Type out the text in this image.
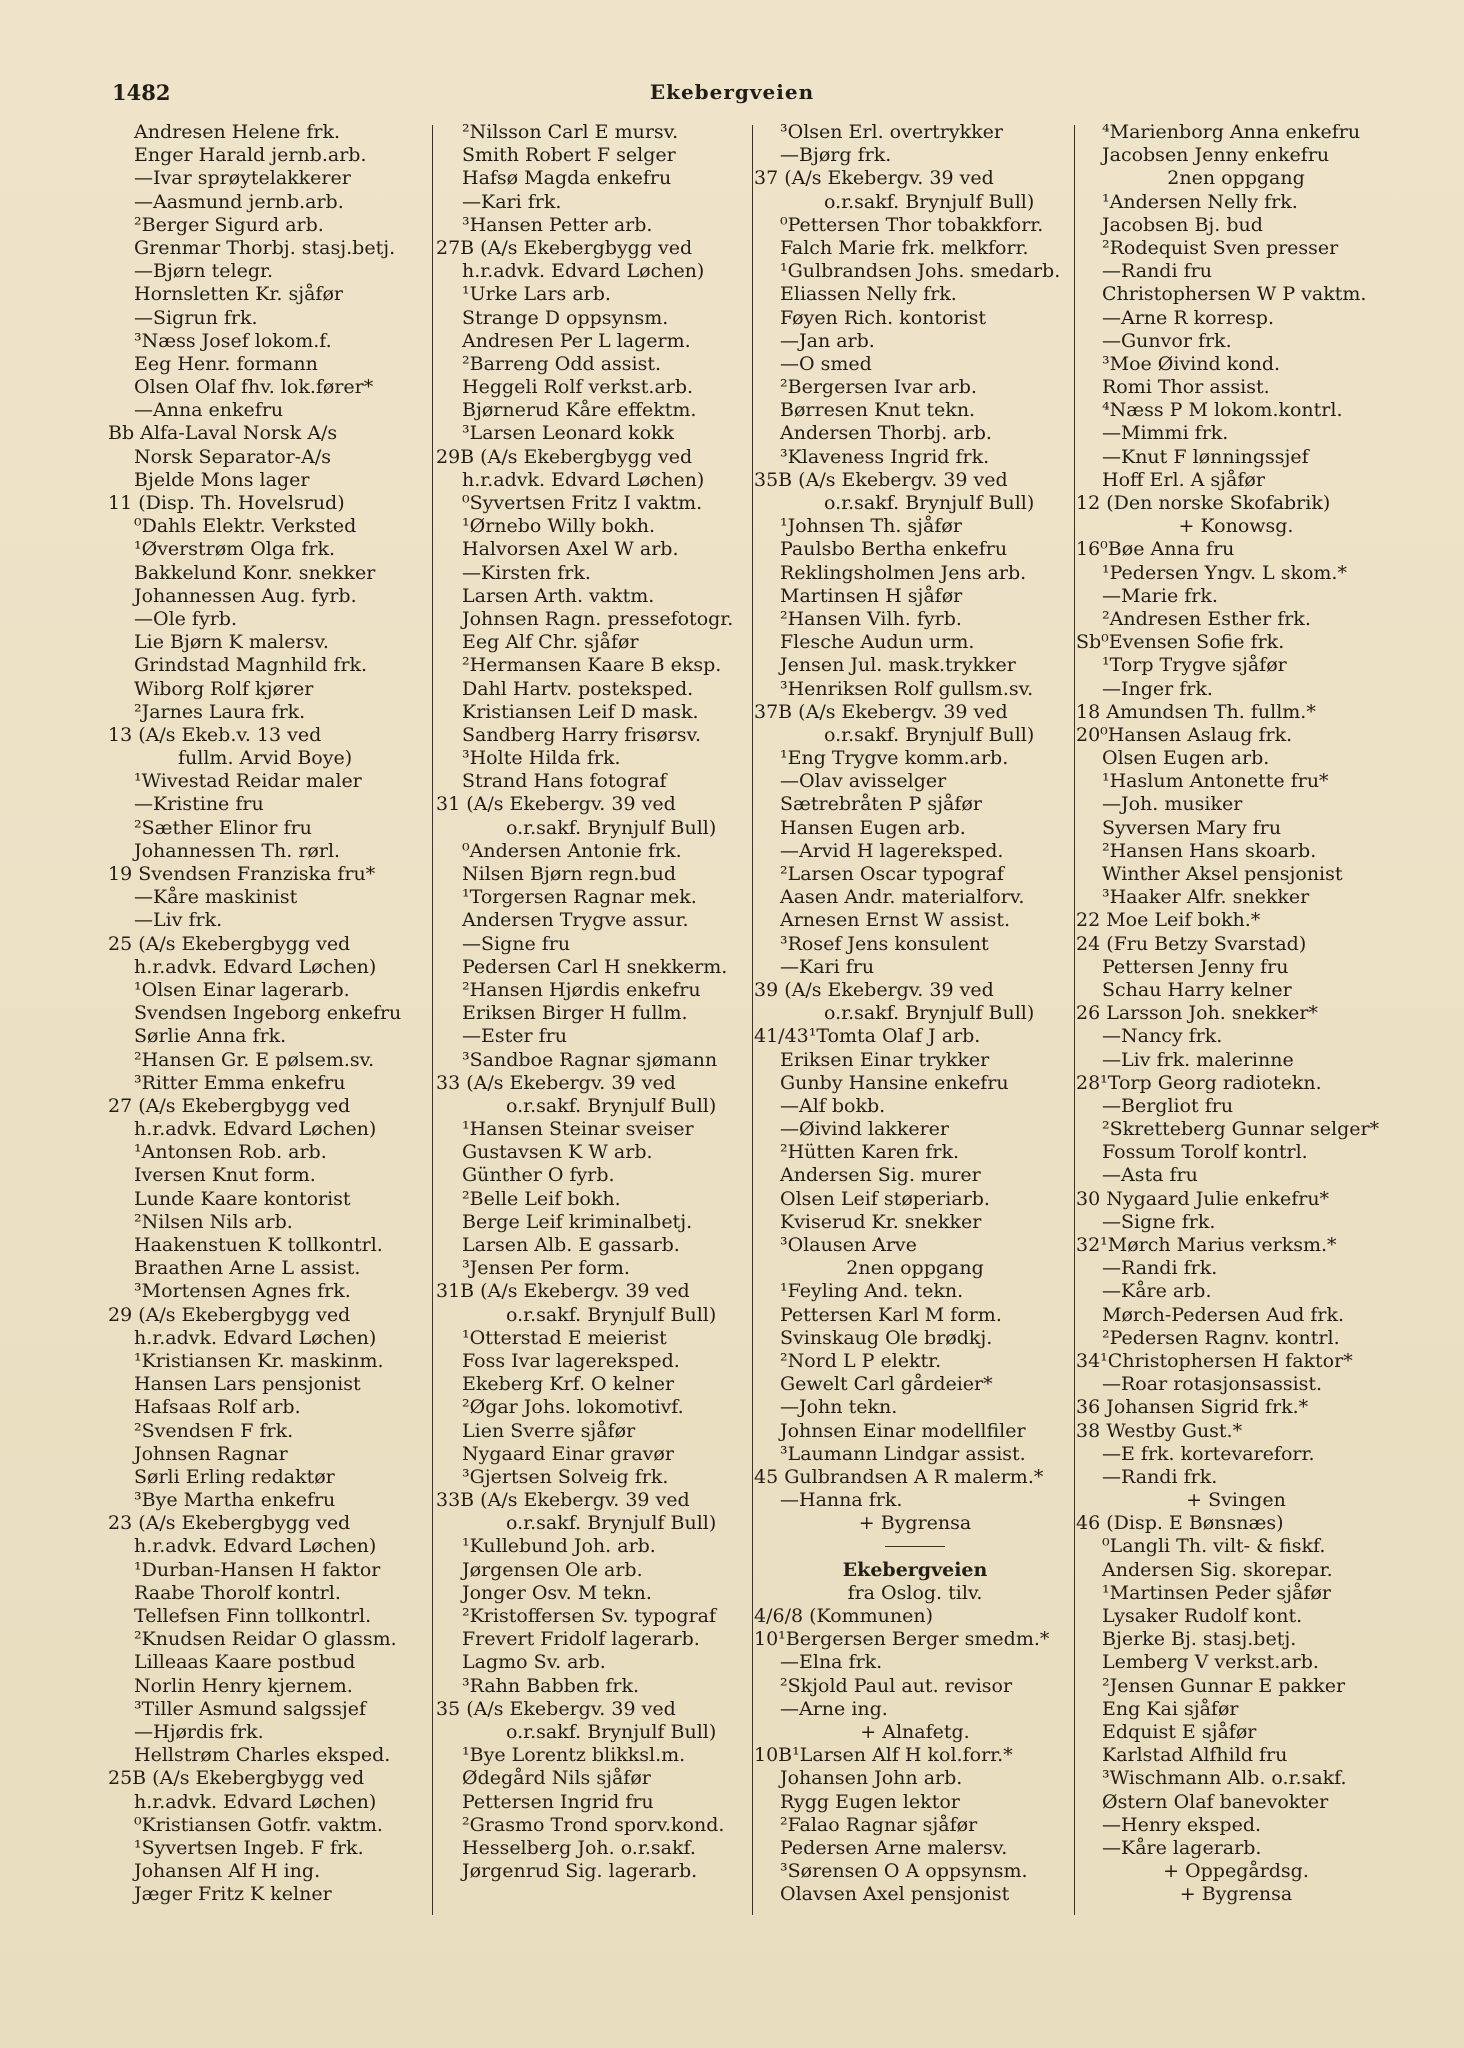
1482	Ekebergveien
Andresen Helene frk.
Enger Harald jernb.arb.
—Ivar sprøytelakkerer
—Aasmund jernb.arb.
²Berger Sigurd arb.
Grenmar Thorbj. stasj.betj.
—Bjørn telegr.
Hornsletten Kr. sjåfør
—Sigrun frk.
³Næss Josef lokom.f.
Eeg Henr. formann
Olsen Olaf fhv. lok.fører*
—Anna enkefru
Bb Alfa-Laval Norsk A/s
Norsk Separator-A/s
Bjelde Mons lager
11 (Disp. Th. Hovelsrud)
⁰Dahls Elektr. Verksted
¹Øverstrøm Olga frk.
Bakkelund Konr. snekker
Johannessen Aug. fyrb.
—Ole fyrb.
Lie Bjørn K malersv.
Grindstad Magnhild frk.
Wiborg Rolf kjører
²Jarnes Laura frk.
13 (A/s Ekeb.v. 13 ved
fullm. Arvid Boye)
¹Wivestad Reidar maler
—Kristine fru
²Sæther Elinor fru
Johannessen Th. rørl.
19 Svendsen Franziska fru*
—Kåre maskinist
—Liv frk.
25 (A/s Ekebergbygg ved
h.r.advk. Edvard Løchen)
¹Olsen Einar lagerarb.
Svendsen Ingeborg enkefru
Sørlie Anna frk.
²Hansen Gr. E pølsem.sv.
³Ritter Emma enkefru
27 (A/s Ekebergbygg ved
h.r.advk. Edvard Løchen)
¹Antonsen Rob. arb.
Iversen Knut form.
Lunde Kaare kontorist
²Nilsen Nils arb.
Haakenstuen K tollkontrl.
Braathen Arne L assist.
³Mortensen Agnes frk.
29 (A/s Ekebergbygg ved
h.r.advk. Edvard Løchen)
¹Kristiansen Kr. maskinm.
Hansen Lars pensjonist
Hafsaas Rolf arb.
²Svendsen F frk.
Johnsen Ragnar
Sørli Erling redaktør
³Bye Martha enkefru
23 (A/s Ekebergbygg ved
h.r.advk. Edvard Løchen)
¹Durban-Hansen H faktor
Raabe Thorolf kontrl.
Tellefsen Finn tollkontrl.
²Knudsen Reidar O glassm.
Lilleaas Kaare postbud
Norlin Henry kjernem.
³Tiller Asmund salgssjef
—Hjørdis frk.
Hellstrøm Charles eksped.
25B (A/s Ekebergbygg ved
h.r.advk. Edvard Løchen)
⁰Kristiansen Gotfr. vaktm.
¹Syvertsen Ingeb. F frk.
Johansen Alf H ing.
Jæger Fritz K kelner
²Nilsson Carl E mursv.
Smith Robert F selger
Hafsø Magda enkefru
—Kari frk.
³Hansen Petter arb.
27B (A/s Ekebergbygg ved
h.r.advk. Edvard Løchen)
¹Urke Lars arb.
Strange D oppsynsm.
Andresen Per L lagerm.
²Barreng Odd assist.
Heggeli Rolf verkst.arb.
Bjørnerud Kåre effektm.
³Larsen Leonard kokk
29B (A/s Ekebergbygg ved
h.r.advk. Edvard Løchen)
⁰Syvertsen Fritz I vaktm.
¹Ørnebo Willy bokh.
Halvorsen Axel W arb.
—Kirsten frk.
Larsen Arth. vaktm.
Johnsen Ragn. pressefotogr.
Eeg Alf Chr. sjåfør
²Hermansen Kaare B eksp.
Dahl Hartv. posteksped.
Kristiansen Leif D mask.
Sandberg Harry frisørsv.
³Holte Hilda frk.
Strand Hans fotograf
31 (A/s Ekebergv. 39 ved
o.r.sakf. Brynjulf Bull)
⁰Andersen Antonie frk.
Nilsen Bjørn regn.bud
¹Torgersen Ragnar mek.
Andersen Trygve assur.
—Signe fru
Pedersen Carl H snekkerm.
²Hansen Hjørdis enkefru
Eriksen Birger H fullm.
—Ester fru
³Sandboe Ragnar sjømann
33 (A/s Ekebergv. 39 ved
o.r.sakf. Brynjulf Bull)
¹Hansen Steinar sveiser
Gustavsen K W arb.
Günther O fyrb.
²Belle Leif bokh.
Berge Leif kriminalbetj.
Larsen Alb. E gassarb.
³Jensen Per form.
31B (A/s Ekebergv. 39 ved
o.r.sakf. Brynjulf Bull)
¹Otterstad E meierist
Foss Ivar lagereksped.
Ekeberg Krf. O kelner
²Øgar Johs. lokomotivf.
Lien Sverre sjåfør
Nygaard Einar gravør
³Gjertsen Solveig frk.
33B (A/s Ekebergv. 39 ved
o.r.sakf. Brynjulf Bull)
¹Kullebund Joh. arb.
Jørgensen Ole arb.
Jonger Osv. M tekn.
²Kristoffersen Sv. typograf
Frevert Fridolf lagerarb.
Lagmo Sv. arb.
³Rahn Babben frk.
35 (A/s Ekebergv. 39 ved
o.r.sakf. Brynjulf Bull)
¹Bye Lorentz blikksl.m.
Ødegård Nils sjåfør
Pettersen Ingrid fru
²Grasmo Trond sporv.kond.
Hesselberg Joh. o.r.sakf.
Jørgenrud Sig. lagerarb.
³Olsen Erl. overtrykker
—Bjørg frk.
37 (A/s Ekebergv. 39 ved
o.r.sakf. Brynjulf Bull)
⁰Pettersen Thor tobakkforr.
Falch Marie frk. melkforr.
¹Gulbrandsen Johs. smedarb.
Eliassen Nelly frk.
Føyen Rich. kontorist
—Jan arb.
—O smed
²Bergersen Ivar arb.
Børresen Knut tekn.
Andersen Thorbj. arb.
³Klaveness Ingrid frk.
35B (A/s Ekebergv. 39 ved
o.r.sakf. Brynjulf Bull)
¹Johnsen Th. sjåfør
Paulsbo Bertha enkefru
Reklingsholmen Jens arb.
Martinsen H sjåfør
²Hansen Vilh. fyrb.
Flesche Audun urm.
Jensen Jul. mask.trykker
³Henriksen Rolf gullsm.sv.
37B (A/s Ekebergv. 39 ved
o.r.sakf. Brynjulf Bull)
¹Eng Trygve komm.arb.
—Olav avisselger
Sætrebråten P sjåfør
Hansen Eugen arb.
—Arvid H lagereksped.
²Larsen Oscar typograf
Aasen Andr. materialforv.
Arnesen Ernst W assist.
³Rosef Jens konsulent
—Kari fru
39 (A/s Ekebergv. 39 ved
o.r.sakf. Brynjulf Bull)
41/43¹Tomta Olaf J arb.
Eriksen Einar trykker
Gunby Hansine enkefru
—Alf bokb.
—Øivind lakkerer
²Hütten Karen frk.
Andersen Sig. murer
Olsen Leif støperiarb.
Kviserud Kr. snekker
³Olausen Arve
2nen oppgang
¹Feyling And. tekn.
Pettersen Karl M form.
Svinskaug Ole brødkj.
²Nord L P elektr.
Gewelt Carl gårdeier*
—John tekn.
Johnsen Einar modellfiler
³Laumann Lindgar assist.
45 Gulbrandsen A R malerm.*
—Hanna frk.
+ Bygrensa
Ekebergveien
fra Oslog. tilv.
4/6/8 (Kommunen)
10¹Bergersen Berger smedm.*
—Elna frk.
²Skjold Paul aut. revisor
—Arne ing.
+ Alnafetg.
10B¹Larsen Alf H kol.forr.*
Johansen John arb.
Rygg Eugen lektor
²Falao Ragnar sjåfør
Pedersen Arne malersv.
³Sørensen O A oppsynsm.
Olavsen Axel pensjonist
⁴Marienborg Anna enkefru
Jacobsen Jenny enkefru
2nen oppgang
¹Andersen Nelly frk.
Jacobsen Bj. bud
²Rodequist Sven presser
—Randi fru
Christophersen W P vaktm.
—Arne R korresp.
—Gunvor frk.
³Moe Øivind kond.
Romi Thor assist.
⁴Næss P M lokom.kontrl.
—Mimmi frk.
—Knut F lønningssjef
Hoff Erl. A sjåfør
12 (Den norske Skofabrik)
+ Konowsg.
16⁰Bøe Anna fru
¹Pedersen Yngv. L skom.*
—Marie frk.
²Andresen Esther frk.
Sb⁰Evensen Sofie frk.
¹Torp Trygve sjåfør
—Inger frk.
18 Amundsen Th. fullm.*
20⁰Hansen Aslaug frk.
Olsen Eugen arb.
¹Haslum Antonette fru*
—Joh. musiker
Syversen Mary fru
²Hansen Hans skoarb.
Winther Aksel pensjonist
³Haaker Alfr. snekker
22 Moe Leif bokh.*
24 (Fru Betzy Svarstad)
Pettersen Jenny fru
Schau Harry kelner
26 Larsson Joh. snekker*
—Nancy frk.
—Liv frk. malerinne
28¹Torp Georg radiotekn.
—Bergliot fru
²Skretteberg Gunnar selger*
Fossum Torolf kontrl.
—Asta fru
30 Nygaard Julie enkefru*
—Signe frk.
32¹Mørch Marius verksm.*
—Randi frk.
—Kåre arb.
Mørch-Pedersen Aud frk.
²Pedersen Ragnv. kontrl.
34¹Christophersen H faktor*
—Roar rotasjonsassist.
36 Johansen Sigrid frk.*
38 Westby Gust.*
—E frk. kortevareforr.
—Randi frk.
+ Svingen
46 (Disp. E Bønsnæs)
⁰Langli Th. vilt- & fiskf.
Andersen Sig. skorepar.
¹Martinsen Peder sjåfør
Lysaker Rudolf kont.
Bjerke Bj. stasj.betj.
Lemberg V verkst.arb.
²Jensen Gunnar E pakker
Eng Kai sjåfør
Edquist E sjåfør
Karlstad Alfhild fru
³Wischmann Alb. o.r.sakf.
Østern Olaf banevokter
—Henry eksped.
—Kåre lagerarb.
+ Oppegårdsg.
+ Bygrensa
